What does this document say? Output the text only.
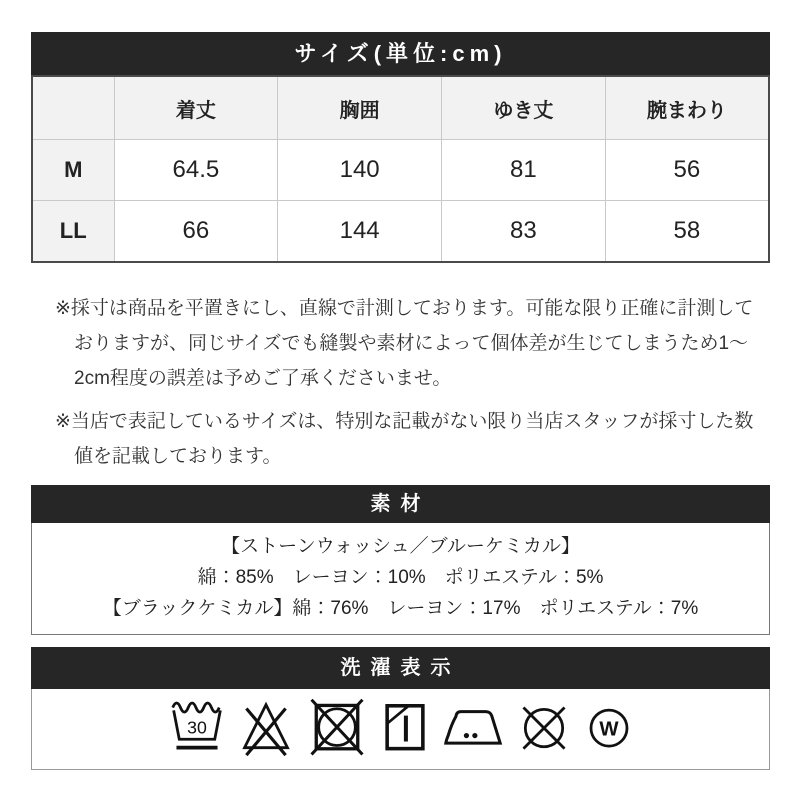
サイズ(単位:cm)
	着丈	胸囲	ゆき丈	腕まわり
M	64.5	140	81	56
LL	66	144	83	58

※採寸は商品を平置きにし、直線で計測しております。可能な限り正確に計測しておりますが、同じサイズでも縫製や素材によって個体差が生じてしまうため1～2cm程度の誤差は予めご了承くださいませ。

※当店で表記しているサイズは、特別な記載がない限り当店スタッフが採寸した数値を記載しております。

素材
【ストーンウォッシュ／ブルーケミカル】
綿：85%　レーヨン：10%　ポリエステル：5%
【ブラックケミカル】綿：76%　レーヨン：17%　ポリエステル：7%
洗濯表示
30	W
